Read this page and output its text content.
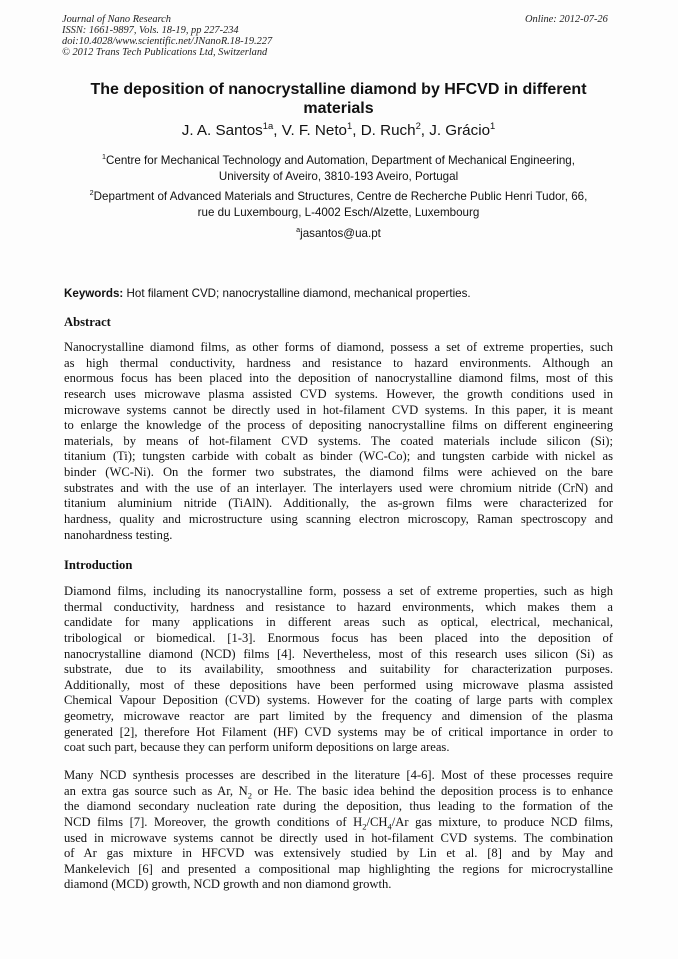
Journal of Nano Research
ISSN: 1661-9897, Vols. 18-19, pp 227-234
doi:10.4028/www.scientific.net/JNanoR.18-19.227
© 2012 Trans Tech Publications Ltd, Switzerland
Online: 2012-07-26
The deposition of nanocrystalline diamond by HFCVD in different materials
J. A. Santos$^{1a}$, V. F. Neto$^1$, D. Ruch$^2$, J. Grácio$^1$
$^1$Centre for Mechanical Technology and Automation, Department of Mechanical Engineering,
University of Aveiro, 3810-193 Aveiro, Portugal
$^2$Department of Advanced Materials and Structures, Centre de Recherche Public Henri Tudor, 66,
rue du Luxembourg, L-4002 Esch/Alzette, Luxembourg
$^a$jasantos@ua.pt
Keywords: Hot filament CVD; nanocrystalline diamond, mechanical properties.
Abstract
Nanocrystalline diamond films, as other forms of diamond, possess a set of extreme properties, such
as high thermal conductivity, hardness and resistance to hazard environments. Although an
enormous focus has been placed into the deposition of nanocrystalline diamond films, most of this
research uses microwave plasma assisted CVD systems. However, the growth conditions used in
microwave systems cannot be directly used in hot-filament CVD systems. In this paper, it is meant
to enlarge the knowledge of the process of depositing nanocrystalline films on different engineering
materials, by means of hot-filament CVD systems. The coated materials include silicon (Si);
titanium (Ti); tungsten carbide with cobalt as binder (WC-Co); and tungsten carbide with nickel as
binder (WC-Ni). On the former two substrates, the diamond films were achieved on the bare
substrates and with the use of an interlayer. The interlayers used were chromium nitride (CrN) and
titanium aluminium nitride (TiAlN). Additionally, the as-grown films were characterized for
hardness, quality and microstructure using scanning electron microscopy, Raman spectroscopy and
nanohardness testing.
Introduction
Diamond films, including its nanocrystalline form, possess a set of extreme properties, such as high
thermal conductivity, hardness and resistance to hazard environments, which makes them a
candidate for many applications in different areas such as optical, electrical, mechanical,
tribological or biomedical. [1-3]. Enormous focus has been placed into the deposition of
nanocrystalline diamond (NCD) films [4]. Nevertheless, most of this research uses silicon (Si) as
substrate, due to its availability, smoothness and suitability for characterization purposes.
Additionally, most of these depositions have been performed using microwave plasma assisted
Chemical Vapour Deposition (CVD) systems. However for the coating of large parts with complex
geometry, microwave reactor are part limited by the frequency and dimension of the plasma
generated [2], therefore Hot Filament (HF) CVD systems may be of critical importance in order to
coat such part, because they can perform uniform depositions on large areas.
Many NCD synthesis processes are described in the literature [4-6]. Most of these processes require
an extra gas source such as Ar, $N_2$ or He. The basic idea behind the deposition process is to enhance
the diamond secondary nucleation rate during the deposition, thus leading to the formation of the
NCD films [7]. Moreover, the growth conditions of $H_2/CH_4/Ar$ gas mixture, to produce NCD films,
used in microwave systems cannot be directly used in hot-filament CVD systems. The combination
of Ar gas mixture in HFCVD was extensively studied by Lin et al. [8] and by May and
Mankelevich [6] and presented a compositional map highlighting the regions for microcrystalline
diamond (MCD) growth, NCD growth and non diamond growth.
